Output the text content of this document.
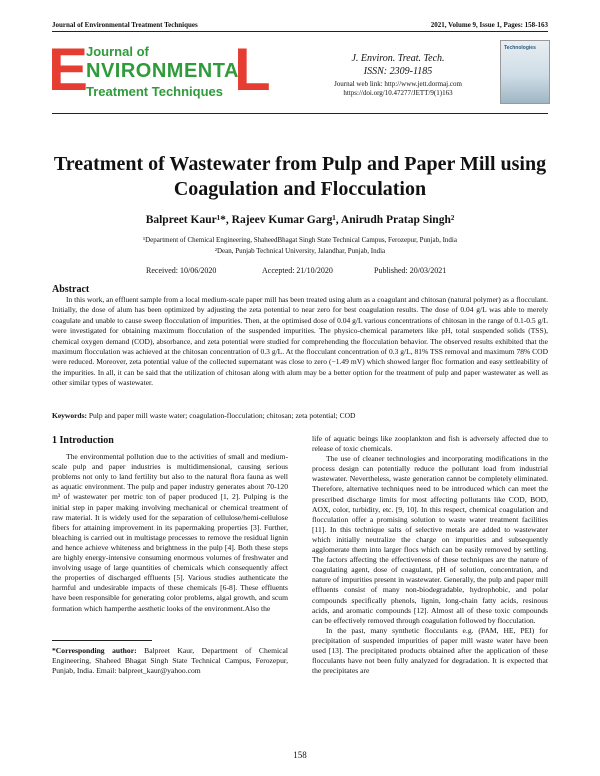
Journal of Environmental Treatment Techniques	2021, Volume 9, Issue 1, Pages: 158-163
E
Journal of
NVIRONMENTA
Treatment Techniques L	J. Environ. Treat. Tech.
ISSN: 2309-1185
Journal web link: http://www.jett.dormaj.com
https://doi.org/10.47277/JETT/9(1)163
Technologies
Treatment of Wastewater from Pulp and Paper Mill using Coagulation and Flocculation
Balpreet Kaur¹*, Rajeev Kumar Garg¹, Anirudh Pratap Singh²
¹Department of Chemical Engineering, ShaheedBhagat Singh State Technical Campus, Ferozepur, Punjab, India
²Dean, Punjab Technical University, Jalandhar, Punjab, India
Received: 10/06/2020	Accepted: 21/10/2020	Published: 20/03/2021
Abstract
In this work, an effluent sample from a local medium-scale paper mill has been treated using alum as a coagulant and chitosan (natural polymer) as a flocculant. Initially, the dose of alum has been optimized by adjusting the zeta potential to near zero for best coagulation results. The dose of 0.04 g/L was able to merely coagulate and unable to cause sweep flocculation of impurities. Then, at the optimised dose of 0.04 g/L various concentrations of chitosan in the range of 0.1-0.5 g/L were investigated for obtaining maximum flocculation of the suspended impurities. The physico-chemical parameters like pH, total suspended solids (TSS), chemical oxygen demand (COD), absorbance, and zeta potential were studied for comprehending the flocculation behavior. The observed results exhibited that the maximum flocculation was achieved at the chitosan concentration of 0.3 g/L. At the flocculant concentration of 0.3 g/L, 81% TSS removal and maximum 78% COD were reduced. Moreover, zeta potential value of the collected supernatant was close to zero (−1.49 mV) which showed larger floc formation and easy settleability of the impurities. In all, it can be said that the utilization of chitosan along with alum may be a better option for the treatment of pulp and paper wastewater as well as other similar types of wastewater.
Keywords: Pulp and paper mill waste water; coagulation-flocculation; chitosan; zeta potential; COD
1 Introduction

The environmental pollution due to the activities of small and medium-scale pulp and paper industries is multidimensional, causing serious problems not only to land fertility but also to the natural flora fauna as well as aquatic environment. The pulp and paper industry generates about 70-120 m³ of wastewater per metric ton of paper produced [1, 2]. Pulping is the initial step in paper making involving mechanical or chemical treatment of raw material. It is widely used for the separation of cellulose/hemi-cellulose fibers for attaining improvement in its papermaking properties [3]. Further, bleaching is carried out in multistage processes to remove the residual lignin and hence achieve whiteness and brightness in the pulp [4]. Both these steps are highly energy-intensive consuming enormous volumes of freshwater and involving usage of large quantities of chemicals which consequently affect the properties of discharged effluents [5]. Various studies authenticate the harmful and undesirable impacts of these chemicals [6-8]. These effluents have been responsible for generating color problems, algal growth, and scum formation which hamperthe aesthetic looks of the environment.Also the

life of aquatic beings like zooplankton and fish is adversely affected due to release of toxic chemicals.

The use of cleaner technologies and incorporating modifications in the process design can potentially reduce the pollutant load from industrial wastewater. Nevertheless, waste generation cannot be completely eliminated. Therefore, alternative techniques need to be introduced which can meet the prescribed discharge limits for most affecting pollutants like COD, BOD, AOX, color, turbidity, etc. [9, 10]. In this respect, chemical coagulation and flocculation offer a promising solution to waste water treatment facilities [11]. In this technique salts of selective metals are added to wastewater which initially neutralize the charge on impurities and subsequently agglomerate them into larger flocs which can be easily removed by settling. The factors affecting the effectiveness of these techniques are the nature of coagulating agent, dose of coagulant, pH of solution, concentration, and nature of impurities present in wastewater. Generally, the pulp and paper mill effluents consist of many non-biodegradable, hydrophobic, and polar compounds specifically phenols, lignin, long-chain fatty acids, resinous acids, and aromatic compounds [12]. Almost all of these toxic compounds can be effectively removed through coagulation followed by flocculation.

In the past, many synthetic flocculants e.g. (PAM, HE, PEI) for precipitation of suspended impurities of paper mill waste water have been used [13]. The precipitated products obtained after the application of these flocculants have not been fully analyzed for degradation. It is expected that the precipitates are

*Corresponding author: Balpreet Kaur, Department of Chemical Engineering, Shaheed Bhagat Singh State Technical Campus, Ferozepur, Punjab, India. Email: balpreet_kaur@yahoo.com
158
